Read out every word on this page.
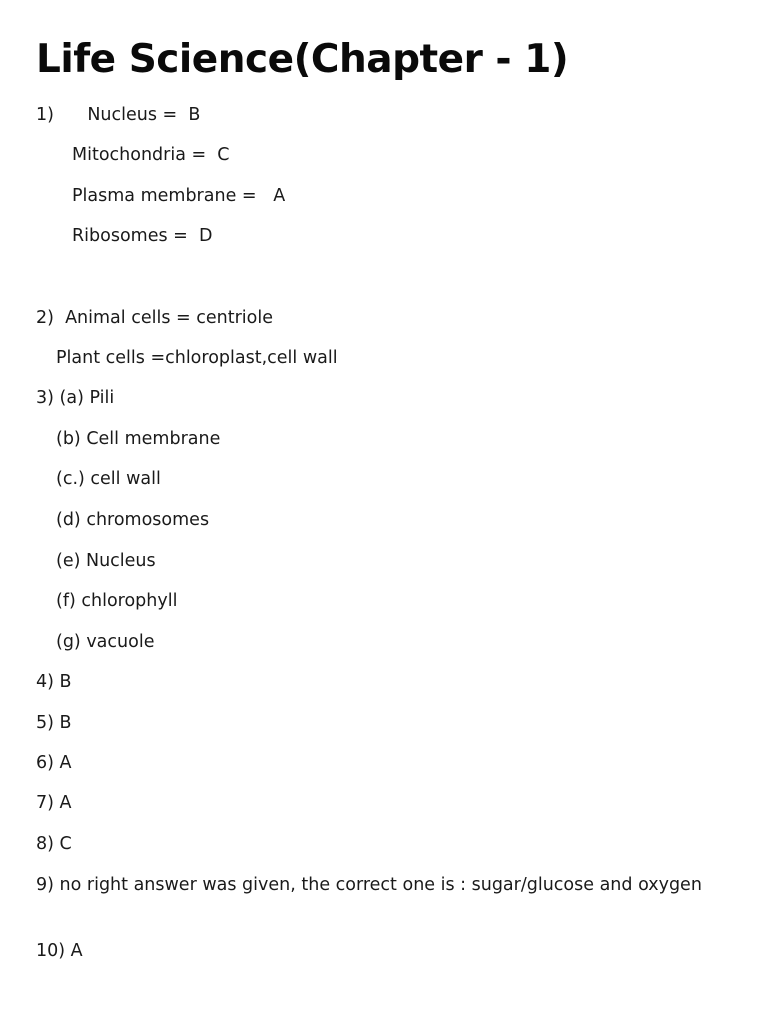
Life Science(Chapter - 1)
1)      Nucleus =  B
Mitochondria =  C
Plasma membrane =   A
Ribosomes =  D
2)  Animal cells = centriole
Plant cells =chloroplast,cell wall
3) (a) Pili
(b) Cell membrane
(c.) cell wall
(d) chromosomes
(e) Nucleus
(f) chlorophyll
(g) vacuole
4) B
5) B
6) A
7) A
8) C
9) no right answer was given, the correct one is : sugar/glucose and oxygen
10) A
